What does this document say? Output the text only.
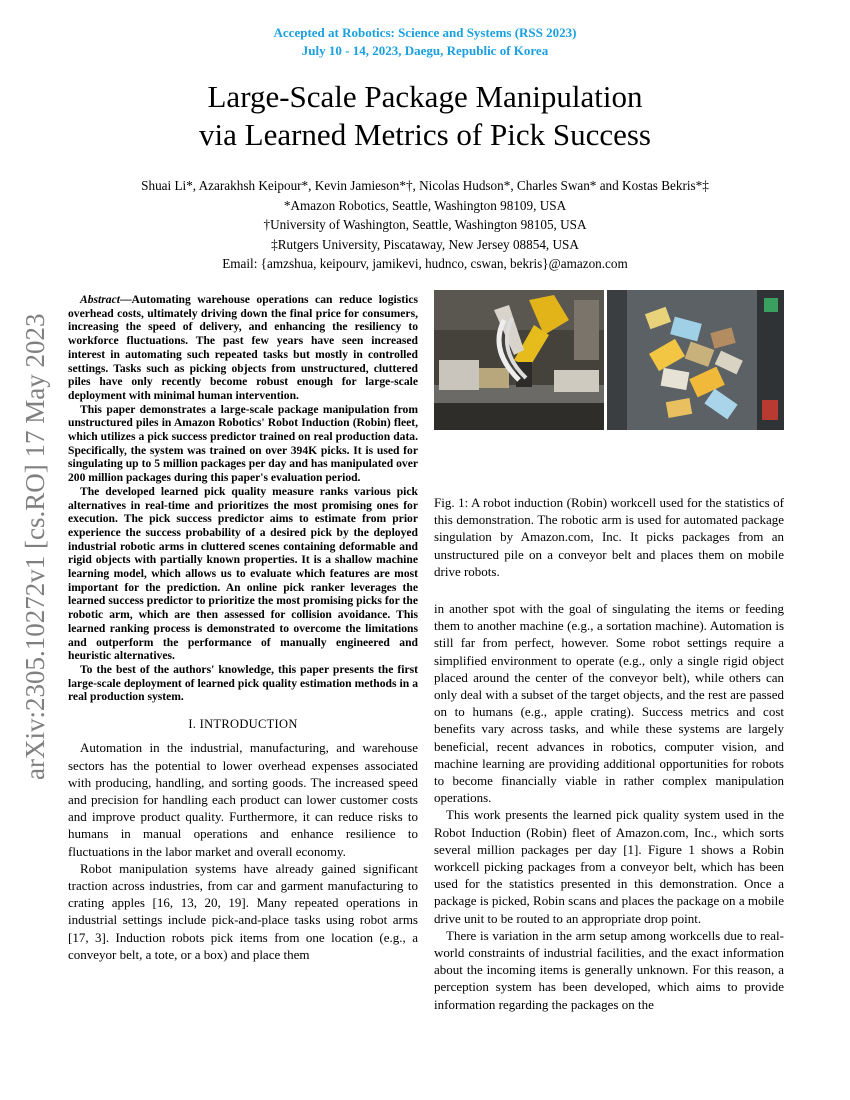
Accepted at Robotics: Science and Systems (RSS 2023)
July 10 - 14, 2023, Daegu, Republic of Korea
Large-Scale Package Manipulation
via Learned Metrics of Pick Success
Shuai Li*, Azarakhsh Keipour*, Kevin Jamieson*†, Nicolas Hudson*, Charles Swan* and Kostas Bekris*‡
*Amazon Robotics, Seattle, Washington 98109, USA
†University of Washington, Seattle, Washington 98105, USA
‡Rutgers University, Piscataway, New Jersey 08854, USA
Email: {amzshua, keipourv, jamikevi, hudnco, cswan, bekris}@amazon.com
arXiv:2305.10272v1 [cs.RO] 17 May 2023

Abstract—Automating warehouse operations can reduce logistics overhead costs, ultimately driving down the final price for consumers, increasing the speed of delivery, and enhancing the resiliency to workforce fluctuations. The past few years have seen increased interest in automating such repeated tasks but mostly in controlled settings. Tasks such as picking objects from unstructured, cluttered piles have only recently become robust enough for large-scale deployment with minimal human intervention.

This paper demonstrates a large-scale package manipulation from unstructured piles in Amazon Robotics' Robot Induction (Robin) fleet, which utilizes a pick success predictor trained on real production data. Specifically, the system was trained on over 394K picks. It is used for singulating up to 5 million packages per day and has manipulated over 200 million packages during this paper's evaluation period.

The developed learned pick quality measure ranks various pick alternatives in real-time and prioritizes the most promising ones for execution. The pick success predictor aims to estimate from prior experience the success probability of a desired pick by the deployed industrial robotic arms in cluttered scenes containing deformable and rigid objects with partially known properties. It is a shallow machine learning model, which allows us to evaluate which features are most important for the prediction. An online pick ranker leverages the learned success predictor to prioritize the most promising picks for the robotic arm, which are then assessed for collision avoidance. This learned ranking process is demonstrated to overcome the limitations and outperform the performance of manually engineered and heuristic alternatives.

To the best of the authors' knowledge, this paper presents the first large-scale deployment of learned pick quality estimation methods in a real production system.

I. INTRODUCTION

Automation in the industrial, manufacturing, and warehouse sectors has the potential to lower overhead expenses associated with producing, handling, and sorting goods. The increased speed and precision for handling each product can lower customer costs and improve product quality. Furthermore, it can reduce risks to humans in manual operations and enhance resilience to fluctuations in the labor market and overall economy.

Robot manipulation systems have already gained significant traction across industries, from car and garment manufacturing to crating apples [16, 13, 20, 19]. Many repeated operations in industrial settings include pick-and-place tasks using robot arms [17, 3]. Induction robots pick items from one location (e.g., a conveyor belt, a tote, or a box) and place them

Fig. 1: A robot induction (Robin) workcell used for the statistics of this demonstration. The robotic arm is used for automated package singulation by Amazon.com, Inc. It picks packages from an unstructured pile on a conveyor belt and places them on mobile drive robots.

in another spot with the goal of singulating the items or feeding them to another machine (e.g., a sortation machine). Automation is still far from perfect, however. Some robot settings require a simplified environment to operate (e.g., only a single rigid object placed around the center of the conveyor belt), while others can only deal with a subset of the target objects, and the rest are passed on to humans (e.g., apple crating). Success metrics and cost benefits vary across tasks, and while these systems are largely beneficial, recent advances in robotics, computer vision, and machine learning are providing additional opportunities for robots to become financially viable in rather complex manipulation operations.

This work presents the learned pick quality system used in the Robot Induction (Robin) fleet of Amazon.com, Inc., which sorts several million packages per day [1]. Figure 1 shows a Robin workcell picking packages from a conveyor belt, which has been used for the statistics presented in this demonstration. Once a package is picked, Robin scans and places the package on a mobile drive unit to be routed to an appropriate drop point.

There is variation in the arm setup among workcells due to real-world constraints of industrial facilities, and the exact information about the incoming items is generally unknown. For this reason, a perception system has been developed, which aims to provide information regarding the packages on the
